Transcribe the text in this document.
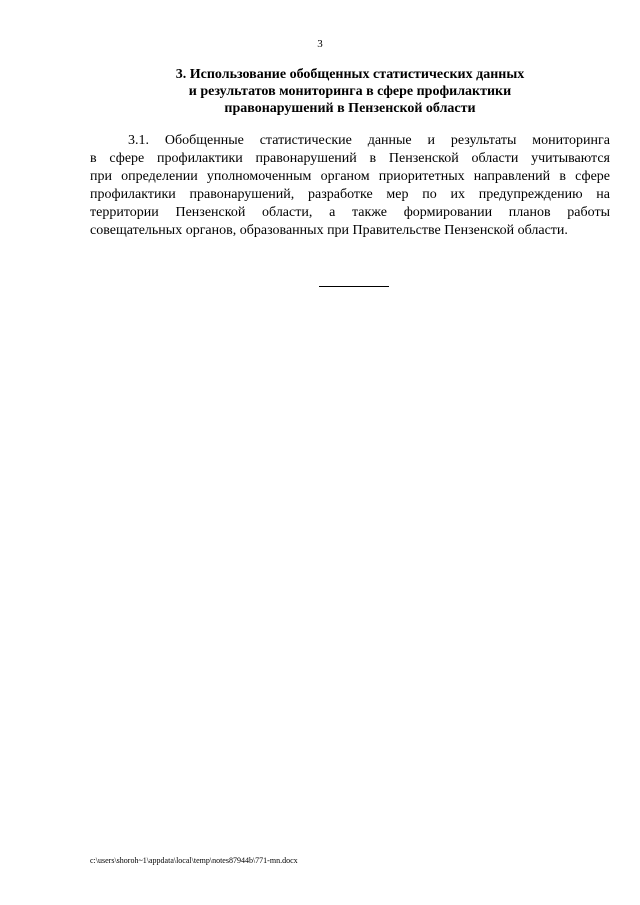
3
3. Использование обобщенных статистических данных
и результатов мониторинга в сфере профилактики
правонарушений в Пензенской области
3.1. Обобщенные статистические данные и результаты мониторинга
в сфере профилактики правонарушений в Пензенской области учитываются
при определении уполномоченным органом приоритетных направлений в сфере
профилактики правонарушений, разработке мер по их предупреждению на
территории Пензенской области, а также формировании планов работы
совещательных органов, образованных при Правительстве Пензенской области.
c:\users\shoroh~1\appdata\local\temp\notes87944b\771-mn.docx
